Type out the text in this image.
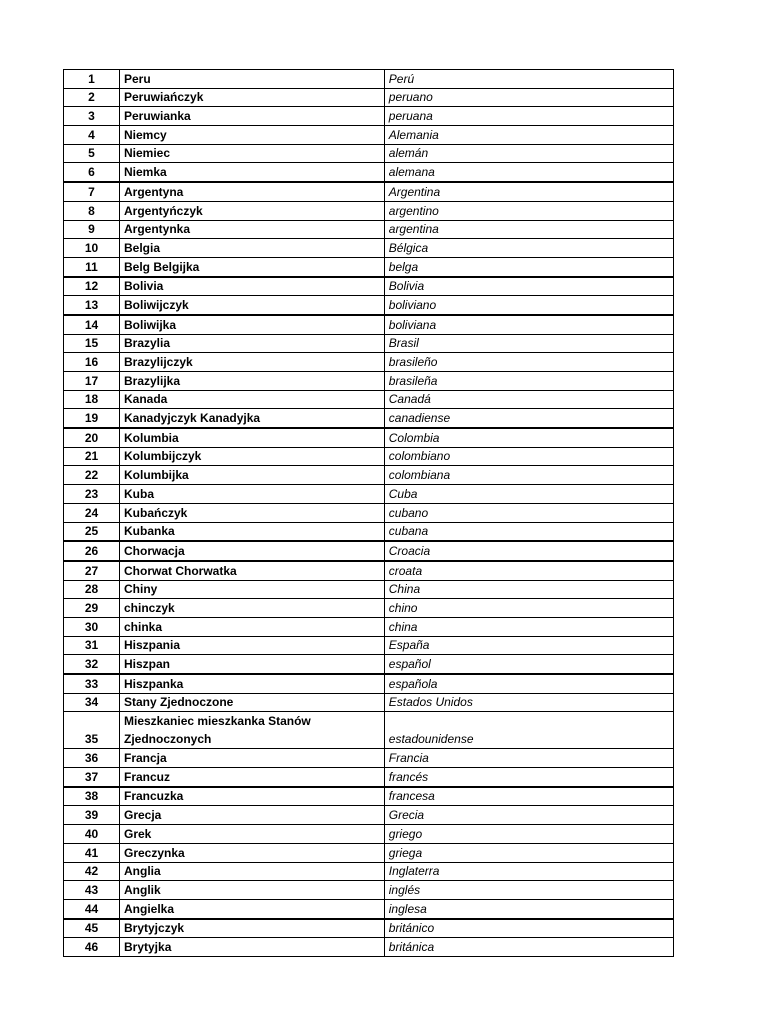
1	Peru	Perú
2	Peruwiańczyk	peruano
3	Peruwianka	peruana
4	Niemcy	Alemania
5	Niemiec	alemán
6	Niemka	alemana
7	Argentyna	Argentina
8	Argentyńczyk	argentino
9	Argentynka	argentina
10	Belgia	Bélgica
11	Belg Belgijka	belga
12	Bolivia	Bolivia
13	Boliwijczyk	boliviano
14	Boliwijka	boliviana
15	Brazylia	Brasil
16	Brazylijczyk	brasileño
17	Brazylijka	brasileña
18	Kanada	Canadá
19	Kanadyjczyk Kanadyjka	canadiense
20	Kolumbia	Colombia
21	Kolumbijczyk	colombiano
22	Kolumbijka	colombiana
23	Kuba	Cuba
24	Kubańczyk	cubano
25	Kubanka	cubana
26	Chorwacja	Croacia
27	Chorwat Chorwatka	croata
28	Chiny	China
29	chinczyk	chino
30	chinka	china
31	Hiszpania	España
32	Hiszpan	español
33	Hiszpanka	española
34	Stany Zjednoczone	Estados Unidos
35	Mieszkaniec mieszkanka Stanów Zjednoczonych	estadounidense
36	Francja	Francia
37	Francuz	francés
38	Francuzka	francesa
39	Grecja	Grecia
40	Grek	griego
41	Greczynka	griega
42	Anglia	Inglaterra
43	Anglik	inglés
44	Angielka	inglesa
45	Brytyjczyk	británico
46	Brytyjka	británica
